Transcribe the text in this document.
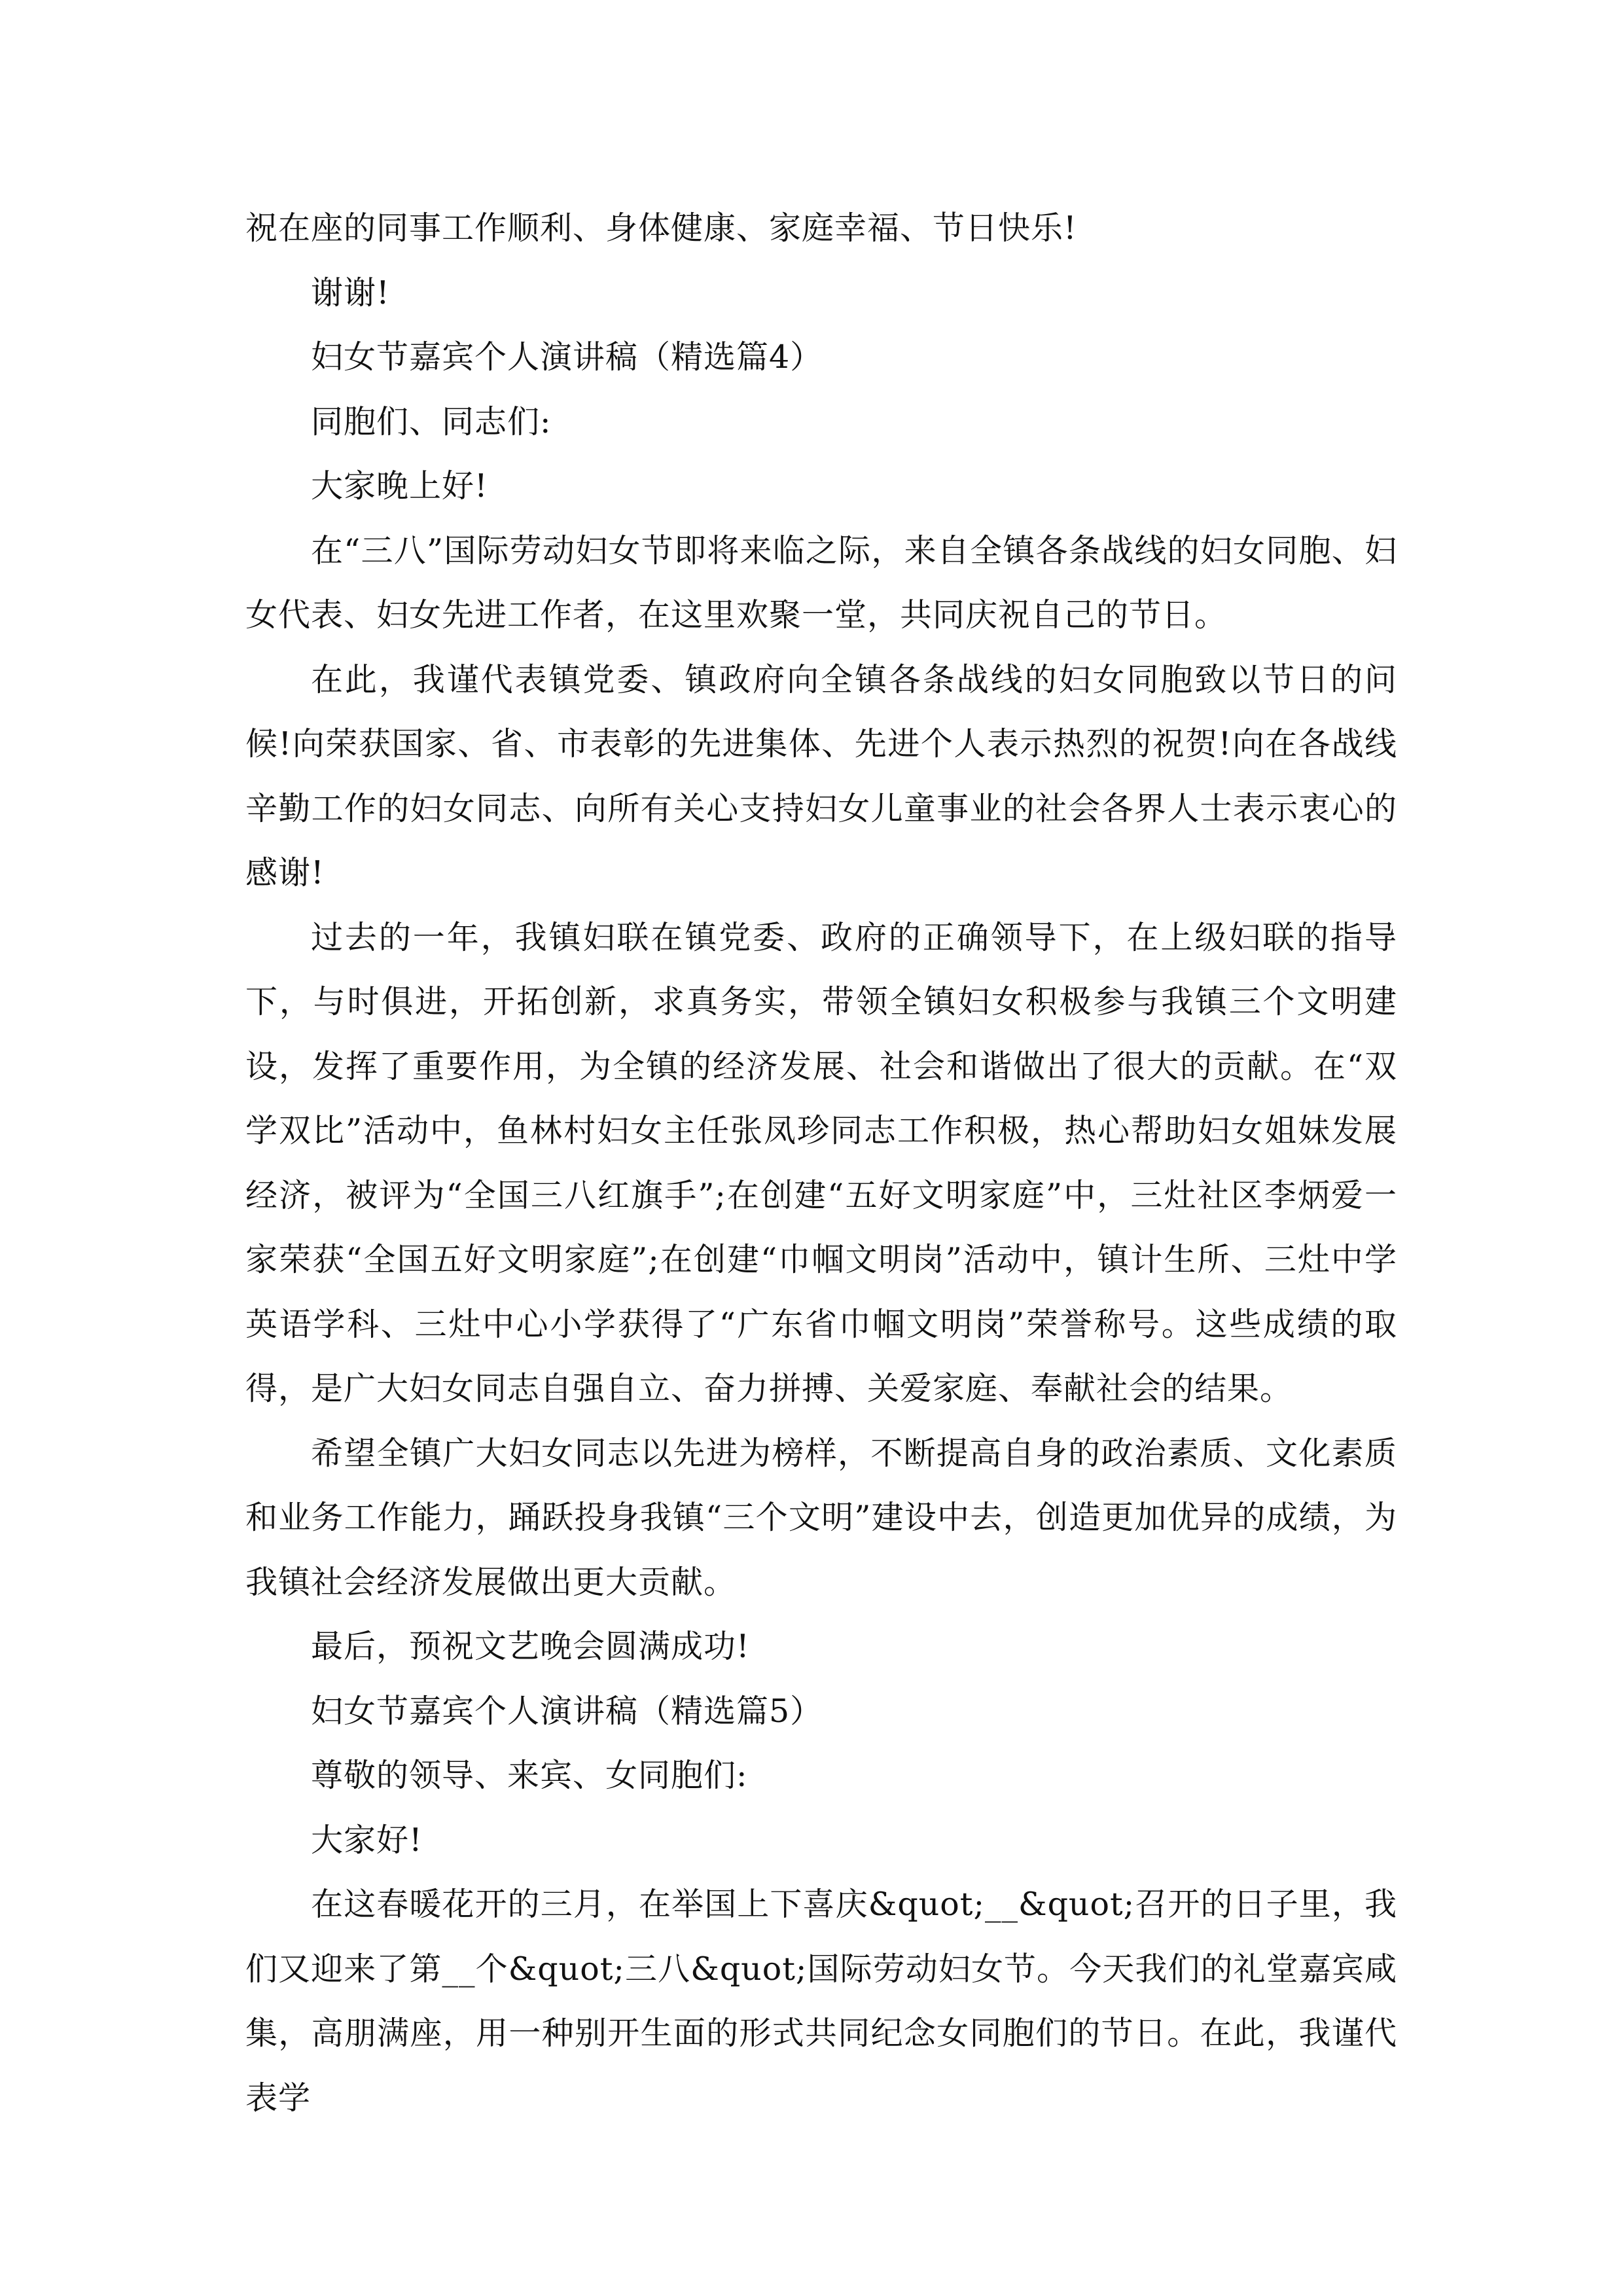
祝在座的同事工作顺利、身体健康、家庭幸福、节日快乐!

谢谢!

妇女节嘉宾个人演讲稿（精选篇4）

同胞们、同志们:

大家晚上好!

在“三八”国际劳动妇女节即将来临之际，来自全镇各条战线的妇女同胞、妇女代表、妇女先进工作者，在这里欢聚一堂，共同庆祝自己的节日。

在此，我谨代表镇党委、镇政府向全镇各条战线的妇女同胞致以节日的问候!向荣获国家、省、市表彰的先进集体、先进个人表示热烈的祝贺!向在各战线辛勤工作的妇女同志、向所有关心支持妇女儿童事业的社会各界人士表示衷心的感谢!

过去的一年，我镇妇联在镇党委、政府的正确领导下，在上级妇联的指导下，与时俱进，开拓创新，求真务实，带领全镇妇女积极参与我镇三个文明建设，发挥了重要作用，为全镇的经济发展、社会和谐做出了很大的贡献。在“双学双比”活动中，鱼林村妇女主任张凤珍同志工作积极，热心帮助妇女姐妹发展经济，被评为“全国三八红旗手”;在创建“五好文明家庭”中，三灶社区李炳爱一家荣获“全国五好文明家庭”;在创建“巾帼文明岗”活动中，镇计生所、三灶中学英语学科、三灶中心小学获得了“广东省巾帼文明岗”荣誉称号。这些成绩的取得，是广大妇女同志自强自立、奋力拼搏、关爱家庭、奉献社会的结果。

希望全镇广大妇女同志以先进为榜样，不断提高自身的政治素质、文化素质和业务工作能力，踊跃投身我镇“三个文明”建设中去，创造更加优异的成绩，为我镇社会经济发展做出更大贡献。

最后，预祝文艺晚会圆满成功!

妇女节嘉宾个人演讲稿（精选篇5）

尊敬的领导、来宾、女同胞们:

大家好!

在这春暖花开的三月，在举国上下喜庆&quot;__&quot;召开的日子里，我们又迎来了第__个&quot;三八&quot;国际劳动妇女节。今天我们的礼堂嘉宾咸集，高朋满座，用一种别开生面的形式共同纪念女同胞们的节日。在此，我谨代表学
